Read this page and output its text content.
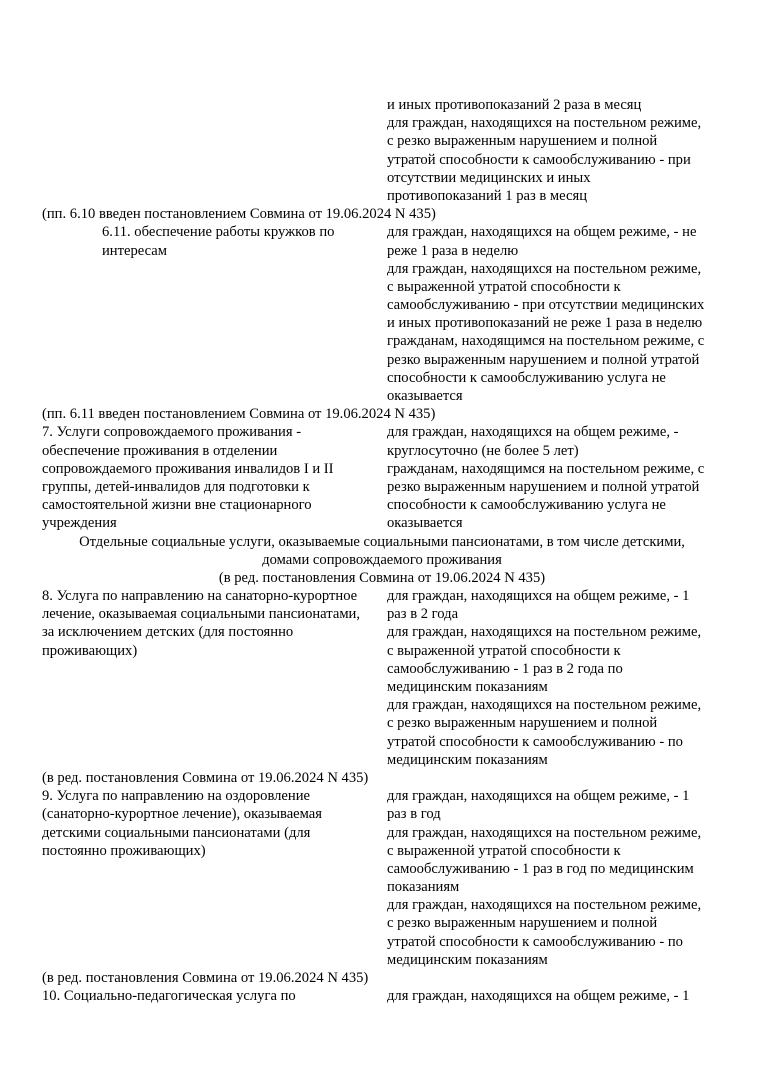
и иных противопоказаний 2 раза в месяц
для граждан, находящихся на постельном режиме,
с резко выраженным нарушением и полной
утратой способности к самообслуживанию - при
отсутствии медицинских и иных
противопоказаний 1 раз в месяц
(пп. 6.10 введен постановлением Совмина от 19.06.2024 N 435)
6.11. обеспечение работы кружков по
интересам
для граждан, находящихся на общем режиме, - не
реже 1 раза в неделю
для граждан, находящихся на постельном режиме,
с выраженной утратой способности к
самообслуживанию - при отсутствии медицинских
и иных противопоказаний не реже 1 раза в неделю
гражданам, находящимся на постельном режиме, с
резко выраженным нарушением и полной утратой
способности к самообслуживанию услуга не
оказывается
(пп. 6.11 введен постановлением Совмина от 19.06.2024 N 435)
7. Услуги сопровождаемого проживания -
обеспечение проживания в отделении
сопровождаемого проживания инвалидов I и II
группы, детей-инвалидов для подготовки к
самостоятельной жизни вне стационарного
учреждения
для граждан, находящихся на общем режиме, -
круглосуточно (не более 5 лет)
гражданам, находящимся на постельном режиме, с
резко выраженным нарушением и полной утратой
способности к самообслуживанию услуга не
оказывается
Отдельные социальные услуги, оказываемые социальными пансионатами, в том числе детскими,
домами сопровождаемого проживания
(в ред. постановления Совмина от 19.06.2024 N 435)
8. Услуга по направлению на санаторно-курортное
лечение, оказываемая социальными пансионатами,
за исключением детских (для постоянно
проживающих)
для граждан, находящихся на общем режиме, - 1
раз в 2 года
для граждан, находящихся на постельном режиме,
с выраженной утратой способности к
самообслуживанию - 1 раз в 2 года по
медицинским показаниям
для граждан, находящихся на постельном режиме,
с резко выраженным нарушением и полной
утратой способности к самообслуживанию - по
медицинским показаниям
(в ред. постановления Совмина от 19.06.2024 N 435)
9. Услуга по направлению на оздоровление
(санаторно-курортное лечение), оказываемая
детскими социальными пансионатами (для
постоянно проживающих)
для граждан, находящихся на общем режиме, - 1
раз в год
для граждан, находящихся на постельном режиме,
с выраженной утратой способности к
самообслуживанию - 1 раз в год по медицинским
показаниям
для граждан, находящихся на постельном режиме,
с резко выраженным нарушением и полной
утратой способности к самообслуживанию - по
медицинским показаниям
(в ред. постановления Совмина от 19.06.2024 N 435)
10. Социально-педагогическая услуга по	для граждан, находящихся на общем режиме, - 1
